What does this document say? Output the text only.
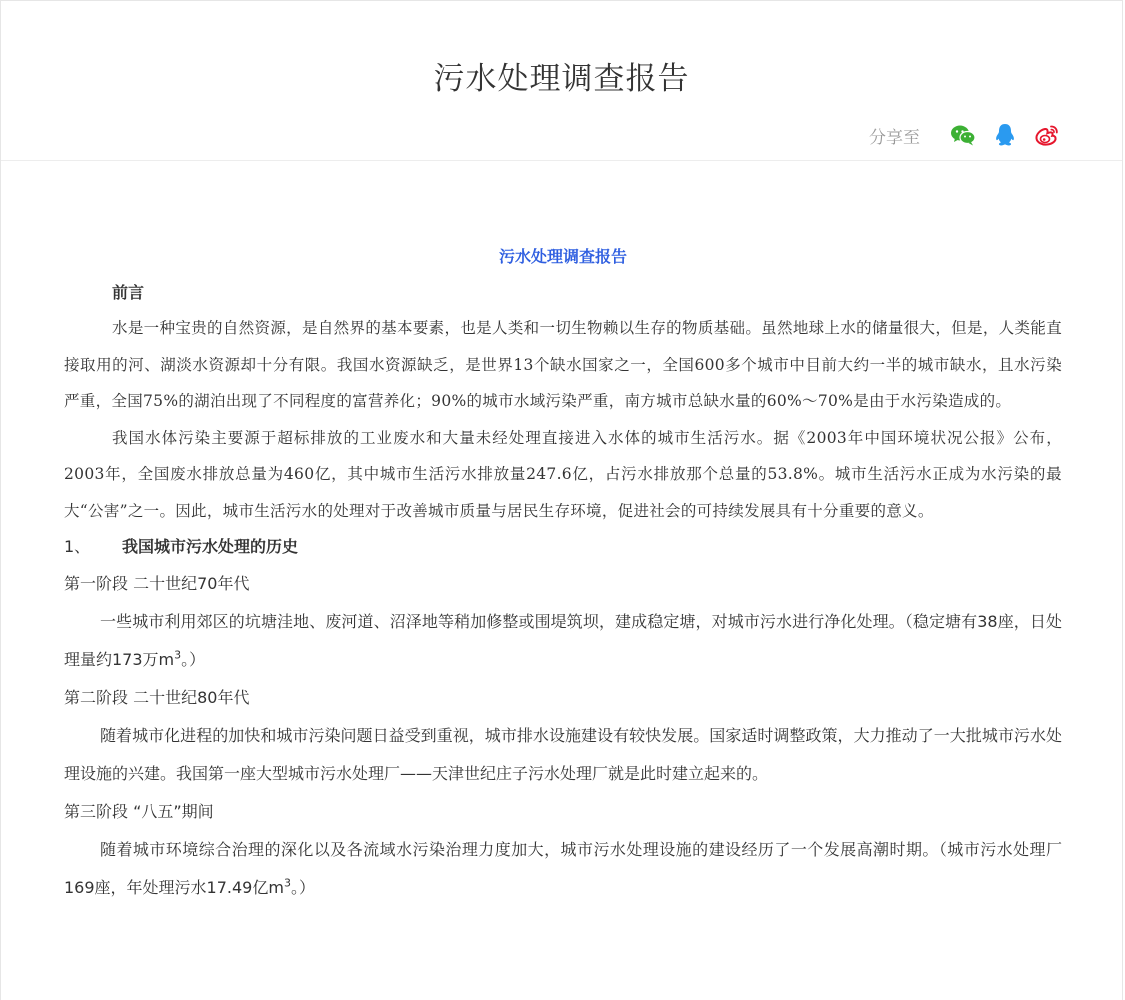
污水处理调查报告
分享至
污水处理调查报告

前言

水是一种宝贵的自然资源，是自然界的基本要素，也是人类和一切生物赖以生存的物质基础。虽然地球上水的储量很大，但是，人类能直接取用的河、湖淡水资源却十分有限。我国水资源缺乏，是世界13个缺水国家之一，全国600多个城市中目前大约一半的城市缺水，且水污染严重，全国75%的湖泊出现了不同程度的富营养化；90%的城市水域污染严重，南方城市总缺水量的60%～70%是由于水污染造成的。

我国水体污染主要源于超标排放的工业废水和大量未经处理直接进入水体的城市生活污水。据《2003年中国环境状况公报》公布，2003年，全国废水排放总量为460亿，其中城市生活污水排放量247.6亿，占污水排放那个总量的53.8%。城市生活污水正成为水污染的最大“公害”之一。因此，城市生活污水的处理对于改善城市质量与居民生存环境，促进社会的可持续发展具有十分重要的意义。

1、	我国城市污水处理的历史

第一阶段 二十世纪70年代

一些城市利用郊区的坑塘洼地、废河道、沼泽地等稍加修整或围堤筑坝，建成稳定塘，对城市污水进行净化处理。（稳定塘有38座，日处理量约173万$m^3$。）

第二阶段 二十世纪80年代

随着城市化进程的加快和城市污染问题日益受到重视，城市排水设施建设有较快发展。国家适时调整政策，大力推动了一大批城市污水处理设施的兴建。我国第一座大型城市污水处理厂——天津世纪庄子污水处理厂就是此时建立起来的。

第三阶段 “八五”期间

随着城市环境综合治理的深化以及各流域水污染治理力度加大，城市污水处理设施的建设经历了一个发展高潮时期。（城市污水处理厂169座，年处理污水17.49亿$m^3$。）
